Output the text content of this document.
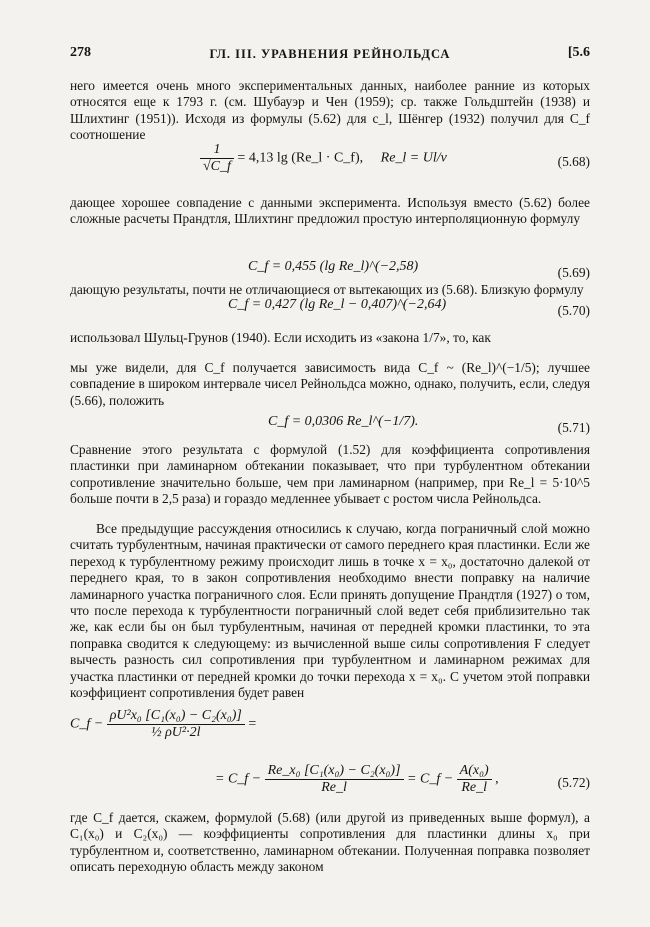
278	ГЛ. III. УРАВНЕНИЯ РЕЙНОЛЬДСА	[5.6

него имеется очень много экспериментальных данных, наиболее ранние из которых относятся еще к 1793 г. (см. Шубауэр и Чен (1959); ср. также Гольдштейн (1938) и Шлихтинг (1951)). Исходя из формулы (5.62) для c_l, Шёнгер (1932) получил для C_f соотношение

$\frac{1}{√C\_f} = 4,13$ lg (Re_l · C_f), Re_l = Ul/ν	(5.68)

дающее хорошее совпадение с данными эксперимента. Используя вместо (5.62) более сложные расчеты Прандтля, Шлихтинг предложил простую интерполяционную формулу

C_f = 0,455 (lg Re_l)^(−2,58)	(5.69)

дающую результаты, почти не отличающиеся от вытекающих из (5.68). Близкую формулу

C_f = 0,427 (lg Re_l − 0,407)^(−2,64)	(5.70)

использовал Шульц-Грунов (1940). Если исходить из «закона 1/7», то, как

мы уже видели, для C_f получается зависимость вида C_f ~ (Re_l)^(−1/5); лучшее совпадение в широком интервале чисел Рейнольдса можно, однако, получить, если, следуя (5.66), положить

C_f = 0,0306 Re_l^(−1/7).	(5.71)

Сравнение этого результата с формулой (1.52) для коэффициента сопротивления пластинки при ламинарном обтекании показывает, что при турбулентном обтекании сопротивление значительно больше, чем при ламинарном (например, при Re_l = 5·10^5 больше почти в 2,5 раза) и гораздо медленнее убывает с ростом числа Рейнольдса.

Все предыдущие рассуждения относились к случаю, когда пограничный слой можно считать турбулентным, начиная практически от самого переднего края пластинки. Если же переход к турбулентному режиму происходит лишь в точке x = x₀, достаточно далекой от переднего края, то в закон сопротивления необходимо внести поправку на наличие ламинарного участка пограничного слоя. Если принять допущение Прандтля (1927) о том, что после перехода к турбулентности пограничный слой ведет себя приблизительно так же, как если бы он был турбулентным, начиная от передней кромки пластинки, то эта поправка сводится к следующему: из вычисленной выше силы сопротивления F следует вычесть разность сил сопротивления при турбулентном и ламинарном режимах для участка пластинки от передней кромки до точки перехода x = x₀. С учетом этой поправки коэффициент сопротивления будет равен

C_f − $\frac{\text{ρU²x₀ [C₁(x₀) − C₂(x₀)]}}{\text{½ ρU²·2l}}$ =
= C_f − $\frac{\text{Re\_x₀ [C₁(x₀) − C₂(x₀)]}}{Re\_l}$ = C_f − $\frac{\text{A(x₀)}}{Re\_l}$ ,	(5.72)

где C_f дается, скажем, формулой (5.68) (или другой из приведенных выше формул), а C₁(x₀) и C₂(x₀) — коэффициенты сопротивления для пластинки длины x₀ при турбулентном и, соответственно, ламинарном обтекании. Полученная поправка позволяет описать переходную область между законом
